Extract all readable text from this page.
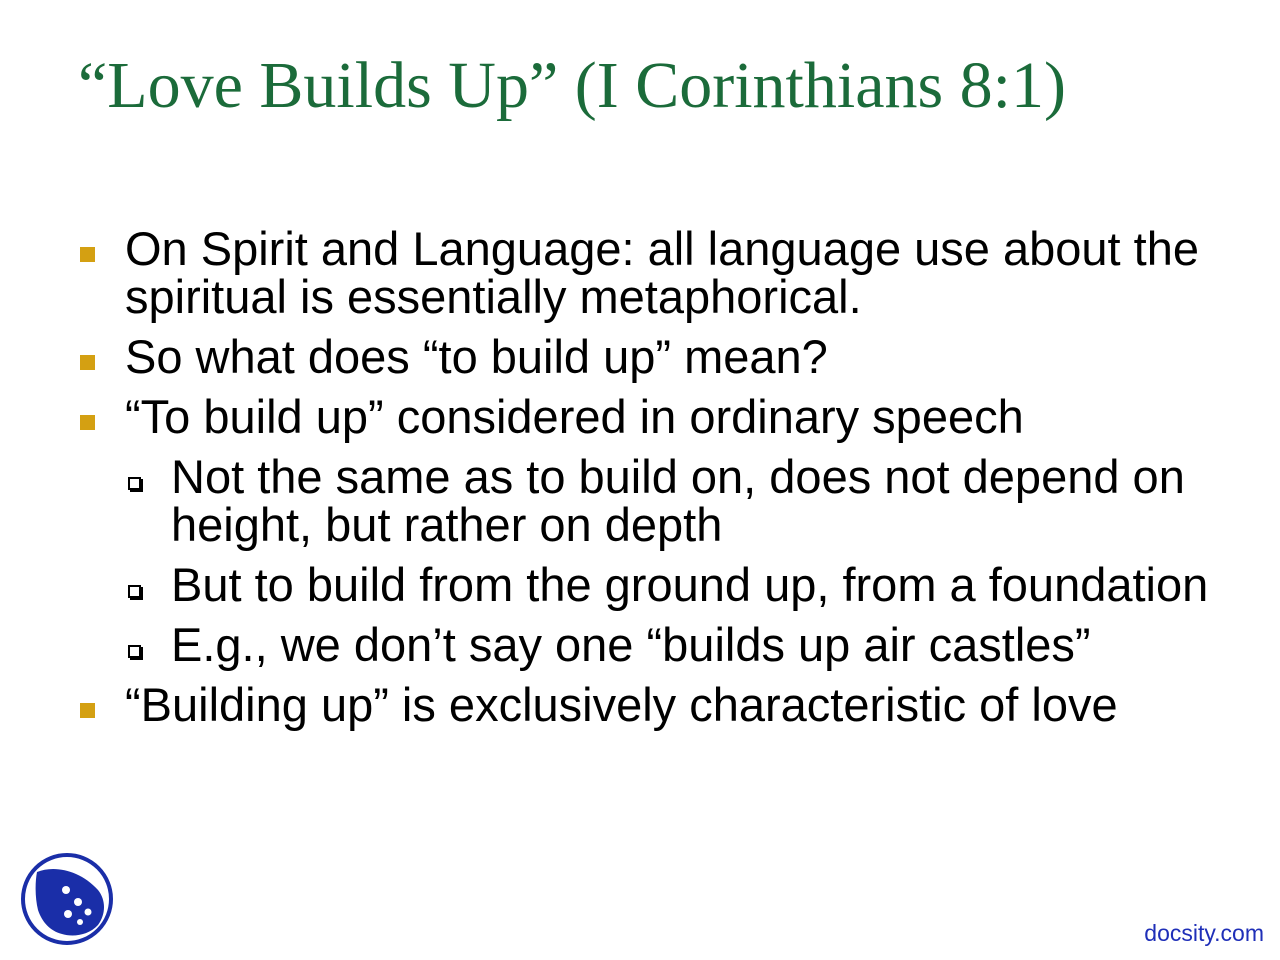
“Love Builds Up” (I Corinthians 8:1)
On Spirit and Language: all language use about the spiritual is essentially metaphorical.
So what does “to build up” mean?
“To build up” considered in ordinary speech
Not the same as to build on, does not depend on height, but rather on depth
But to build from the ground up, from a foundation
E.g., we don’t say one “builds up air castles”
“Building up” is exclusively characteristic of love
docsity.com
